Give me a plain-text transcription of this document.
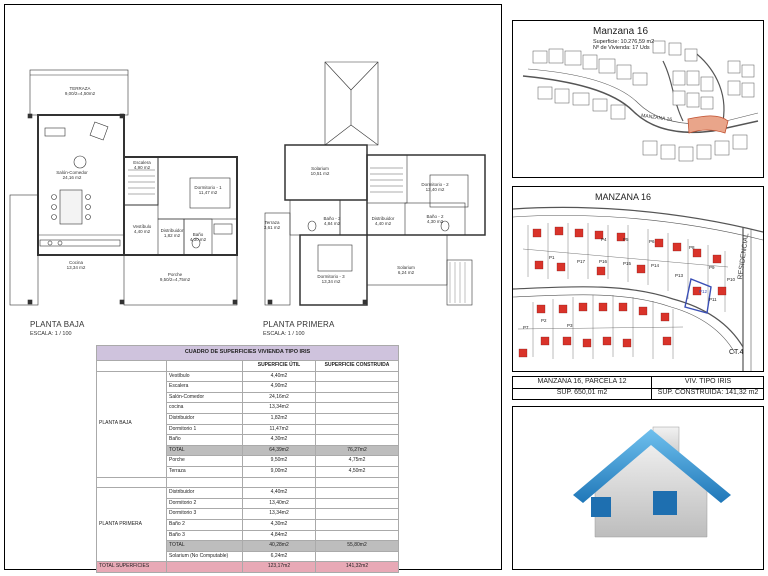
TERRAZA
9,00/2=4,50m2
Salón-Comedor
24,16 m2
Escalera
4,90 m2
Dormitorio - 1
11,47 m2
Vestíbulo
4,40 m2	Distribuidor
1,82 m2	Baño
4,30 m2
Cocina
13,34 m2
Porche
9,50/2=4,75m2
PLANTA BAJA
ESCALA: 1 / 100
Solarium
10,51 m2
Dormitorio - 2
13,40 m2
Terraza
3,61 m2
Baño - 3
4,84 m2
Distribuidor
4,40 m2
Baño - 2
4,30 m2
Dormitorio - 3
13,34 m2
Solarium
6,24 m2
PLANTA PRIMERA
ESCALA: 1 / 100
CUADRO DE SUPERFICIES VIVIENDA TIPO IRIS			
		SUPERFICIE ÚTIL	SUPERFICIE CONSTRUIDA
PLANTA BAJA	Vestíbulo	4,40m2	
	Escalera	4,90m2	
	Salón-Comedor	24,16m2	
	cocina	13,34m2	
	Distribuidor	1,82m2	
	Dormitorio 1	11,47m2	
	Baño	4,30m2	
	TOTAL	64,39m2	76,27m2
	Porche	9,50m2	4,75m2
	Terraza	9,00m2	4,50m2

PLANTA PRIMERA	Distribuidor	4,40m2	
	Dormitorio 2	13,40m2	
	Dormitorio 3	13,34m2	
	Baño 2	4,30m2	
	Baño 3	4,84m2	
	TOTAL	40,28m2	55,80m2
	Solarium (No Computable)	6,24m2	
TOTAL SUPERFICIES		123,17m2	141,32m2
Manzana 16
Superficie: 10.276,59 m2
Nº de Vivienda: 17 Uds
MANZANA 16
MANZANA 16
RESIDENCIAL
CT.4
P1
P2
P3
P4	P5	P6
P7
P8
P9
P10
P11
P12
P13
P14
P15
P16
P17
MANZANA 16, PARCELA 12	VIV. TIPO IRIS
SUP. 650,01 m2	SUP. CONSTRUIDA: 141,32 m2
